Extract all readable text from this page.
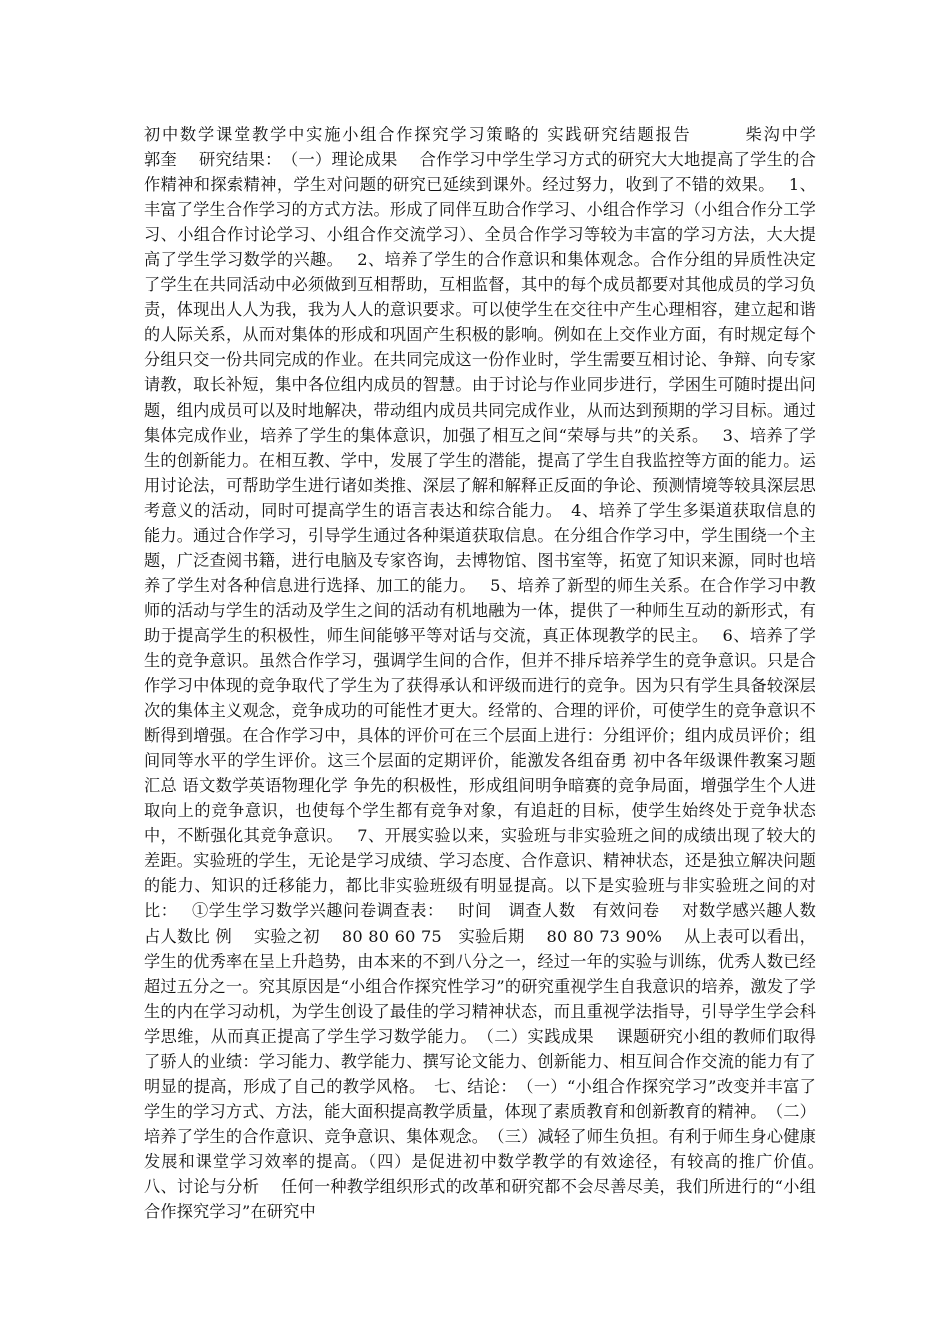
初中数学课堂教学中实施小组合作探究学习策略的 实践研究结题报告　　　柴沟中学　　　郭奎　 研究结果：　（一）理论成果　 合作学习中学生学习方式的研究大大地提高了学生的合作精神和探索精神，学生对问题的研究已延续到课外。经过努力，收到了不错的效果。　 1、丰富了学生合作学习的方式方法。形成了同伴互助合作学习、小组合作学习（小组合作分工学习、小组合作讨论学习、小组合作交流学习）、全员合作学习等较为丰富的学习方法，大大提高了学生学习数学的兴趣。　 2、培养了学生的合作意识和集体观念。合作分组的异质性决定了学生在共同活动中必须做到互相帮助，互相监督，其中的每个成员都要对其他成员的学习负责，体现出人人为我，我为人人的意识要求。可以使学生在交往中产生心理相容，建立起和谐的人际关系，从而对集体的形成和巩固产生积极的影响。例如在上交作业方面，有时规定每个分组只交一份共同完成的作业。在共同完成这一份作业时，学生需要互相讨论、争辩、向专家请教，取长补短，集中各位组内成员的智慧。由于讨论与作业同步进行，学困生可随时提出问题，组内成员可以及时地解决，带动组内成员共同完成作业，从而达到预期的学习目标。通过集体完成作业，培养了学生的集体意识，加强了相互之间“荣辱与共”的关系。　 3、培养了学生的创新能力。在相互教、学中，发展了学生的潜能，提高了学生自我监控等方面的能力。运用讨论法，可帮助学生进行诸如类推、深层了解和解释正反面的争论、预测情境等较具深层思考意义的活动，同时可提高学生的语言表达和综合能力。　4、培养了学生多渠道获取信息的能力。通过合作学习，引导学生通过各种渠道获取信息。在分组合作学习中，学生围绕一个主题，广泛查阅书籍，进行电脑及专家咨询，去博物馆、图书室等，拓宽了知识来源，同时也培养了学生对各种信息进行选择、加工的能力。　 5、培养了新型的师生关系。在合作学习中教师的活动与学生的活动及学生之间的活动有机地融为一体，提供了一种师生互动的新形式，有助于提高学生的积极性，师生间能够平等对话与交流，真正体现教学的民主。　 6、培养了学生的竞争意识。虽然合作学习，强调学生间的合作，但并不排斥培养学生的竞争意识。只是合作学习中体现的竞争取代了学生为了获得承认和评级而进行的竞争。因为只有学生具备较深层次的集体主义观念，竞争成功的可能性才更大。经常的、合理的评价，可使学生的竞争意识不断得到增强。在合作学习中，具体的评价可在三个层面上进行：分组评价；组内成员评价；组间同等水平的学生评价。这三个层面的定期评价，能激发各组奋勇 初中各年级课件教案习题汇总 语文数学英语物理化学 争先的积极性，形成组间明争暗赛的竞争局面，增强学生个人进取向上的竞争意识，也使每个学生都有竞争对象，有追赶的目标，使学生始终处于竞争状态中，不断强化其竞争意识。　 7、开展实验以来，实验班与非实验班之间的成绩出现了较大的差距。实验班的学生，无论是学习成绩、学习态度、合作意识、精神状态，还是独立解决问题的能力、知识的迁移能力，都比非实验班级有明显提高。以下是实验班与非实验班之间的对比：　 ①学生学习数学兴趣问卷调查表：　 时间　调查人数　有效问卷　 对数学感兴趣人数　 占人数比 例　 实验之初　 80 80 60 75　实验后期　 80 80 73 90%　 从上表可以看出，学生的优秀率在呈上升趋势，由本来的不到八分之一，经过一年的实验与训练，优秀人数已经超过五分之一。究其原因是“小组合作探究性学习”的研究重视学生自我意识的培养，激发了学生的内在学习动机，为学生创设了最佳的学习精神状态，而且重视学法指导，引导学生学会科学思维，从而真正提高了学生学习数学能力。　（二）实践成果　 课题研究小组的教师们取得了骄人的业绩：学习能力、教学能力、撰写论文能力、创新能力、相互间合作交流的能力有了明显的提高，形成了自己的教学风格。　七、结论：　（一）“小组合作探究学习”改变并丰富了学生的学习方式、方法，能大面积提高教学质量，体现了素质教育和创新教育的精神。　（二）培养了学生的合作意识、竞争意识、集体观念。　（三）减轻了师生负担。有利于师生身心健康发展和课堂学习效率的提高。（四）是促进初中数学教学的有效途径，有较高的推广价值。　八、讨论与分析　 任何一种教学组织形式的改革和研究都不会尽善尽美，我们所进行的“小组合作探究学习”在研究中
